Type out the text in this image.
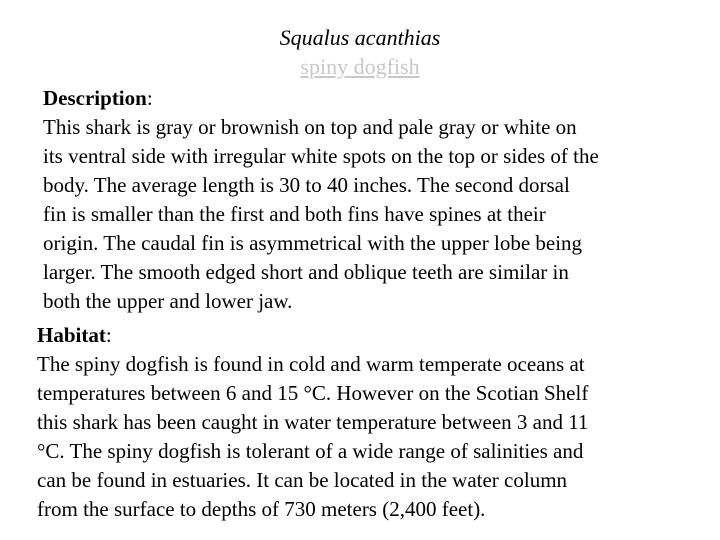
Squalus acanthias
spiny dogfish

Description:

This shark is gray or brownish on top and pale gray or white on

its ventral side with irregular white spots on the top or sides of the

body. The average length is 30 to 40 inches. The second dorsal

fin is smaller than the first and both fins have spines at their

origin. The caudal fin is asymmetrical with the upper lobe being

larger. The smooth edged short and oblique teeth are similar in

both the upper and lower jaw.

Habitat:

The spiny dogfish is found in cold and warm temperate oceans at

temperatures between 6 and 15 °C. However on the Scotian Shelf

this shark has been caught in water temperature between 3 and 11

°C. The spiny dogfish is tolerant of a wide range of salinities and

can be found in estuaries. It can be located in the water column

from the surface to depths of 730 meters (2,400 feet).
